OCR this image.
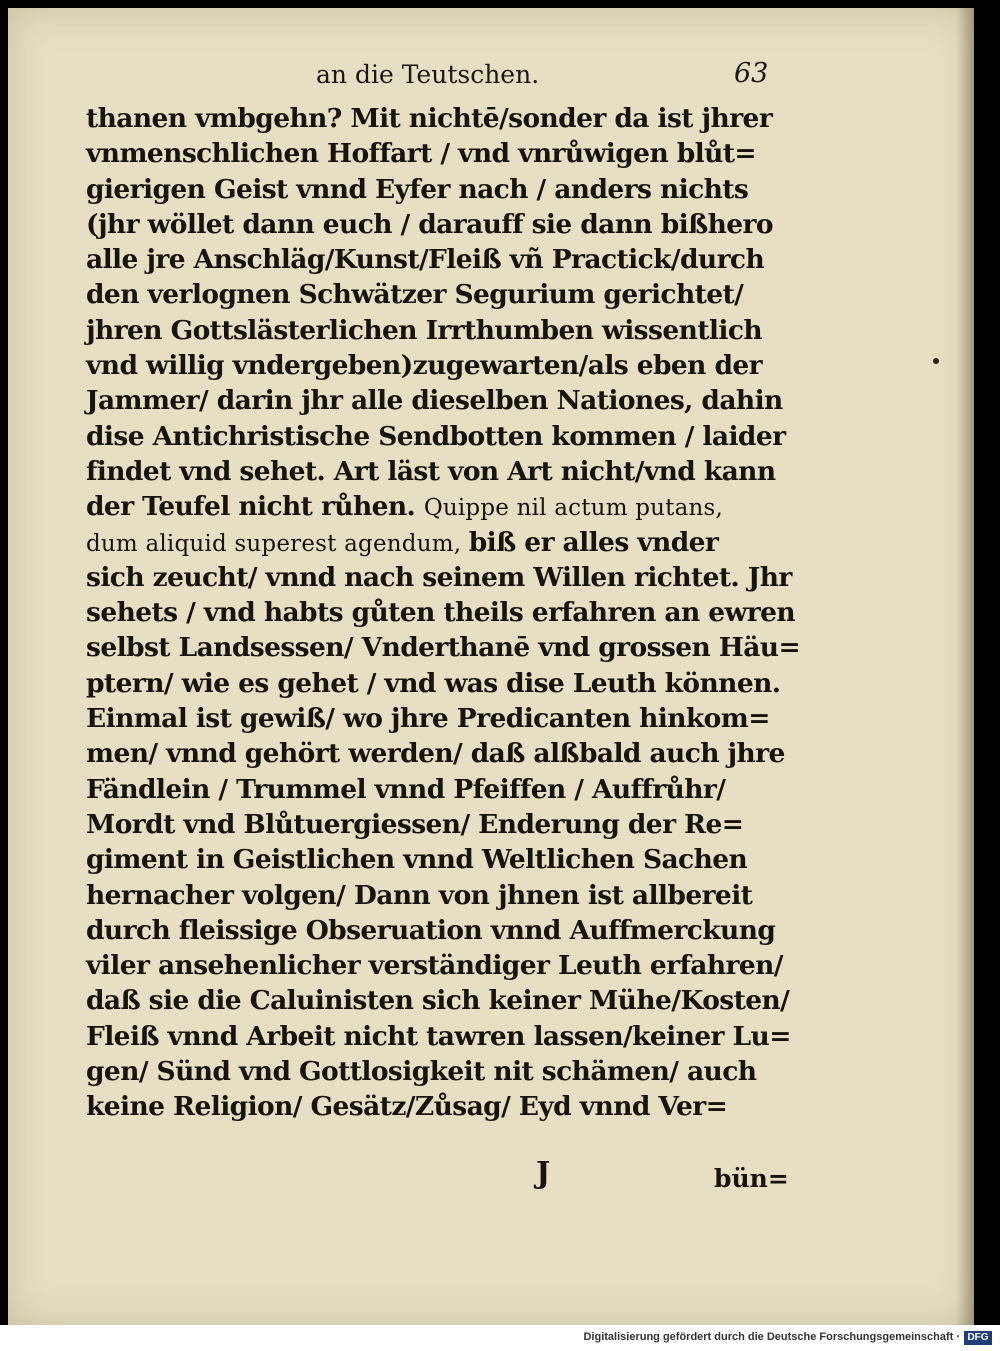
an die Teutschen.	63
thanen vmbgehn? Mit nichtē/sonder da ist jhrer
vnmenschlichen Hoffart / vnd vnrůwigen blůt=
gierigen Geist vnnd Eyfer nach / anders nichts
(jhr wöllet dann euch / darauff sie dann bißhero
alle jre Anschläg/Kunst/Fleiß vñ Practick/durch
den verlognen Schwätzer Segurium gerichtet/
jhren Gottslästerlichen Irrthumben wissentlich
vnd willig vndergeben)zugewarten/als eben der
Jammer/ darin jhr alle dieselben Nationes, dahin
dise Antichristische Sendbotten kommen / laider
findet vnd sehet. Art läst von Art nicht/vnd kann
der Teufel nicht růhen. Quippe nil actum putans,
dum aliquid superest agendum, biß er alles vnder
sich zeucht/ vnnd nach seinem Willen richtet. Jhr
sehets / vnd habts gůten theils erfahren an ewren
selbst Landsessen/ Vnderthanē vnd grossen Häu=
ptern/ wie es gehet / vnd was dise Leuth können.
Einmal ist gewiß/ wo jhre Predicanten hinkom=
men/ vnnd gehört werden/ daß alßbald auch jhre
Fändlein / Trummel vnnd Pfeiffen / Auffrůhr/
Mordt vnd Blůtuergiessen/ Enderung der Re=
giment in Geistlichen vnnd Weltlichen Sachen
hernacher volgen/ Dann von jhnen ist allbereit
durch fleissige Obseruation vnnd Auffmerckung
viler ansehenlicher verständiger Leuth erfahren/
daß sie die Caluinisten sich keiner Mühe/Kosten/
Fleiß vnnd Arbeit nicht tawren lassen/keiner Lu=
gen/ Sünd vnd Gottlosigkeit nit schämen/ auch
keine Religion/ Gesätz/Zůsag/ Eyd vnnd Ver=
J	bün=
Digitalisierung gefördert durch die Deutsche Forschungsgemeinschaft · DFG
